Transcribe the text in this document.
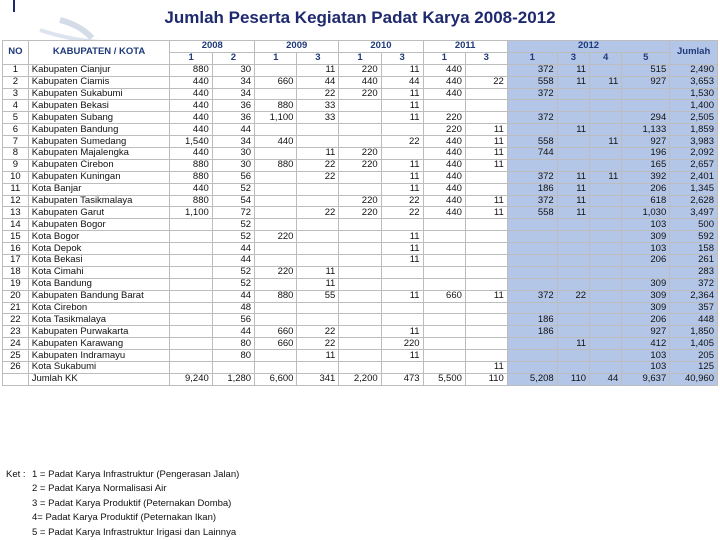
Jumlah Peserta Kegiatan Padat Karya 2008-2012
NO	KABUPATEN / KOTA	2008		2009		2010		2011		2012				Jumlah
		1	2	1	3	1	3	1	3	1	3	4	5	
1	Kabupaten Cianjur	880	30		11	220	11	440		372	11		515	2,490
2	Kabupaten Ciamis	440	34	660	44	440	44	440	22	558	11	11	927	3,653
3	Kabupaten Sukabumi	440	34		22	220	11	440		372				1,530
4	Kabupaten Bekasi	440	36	880	33		11							1,400
5	Kabupaten Subang	440	36	1,100	33		11	220		372			294	2,505
6	Kabupaten Bandung	440	44					220	11		11		1,133	1,859
7	Kabupaten Sumedang	1,540	34	440			22	440	11	558		11	927	3,983
8	Kabupaten Majalengka	440	30		11	220		440	11	744			196	2,092
9	Kabupaten Cirebon	880	30	880	22	220	11	440	11				165	2,657
10	Kabupaten Kuningan	880	56		22		11	440		372	11	11	392	2,401
11	Kota Banjar	440	52				11	440		186	11		206	1,345
12	Kabupaten Tasikmalaya	880	54			220	22	440	11	372	11		618	2,628
13	Kabupaten Garut	1,100	72		22	220	22	440	11	558	11		1,030	3,497
14	Kabupaten Bogor		52										103	500
15	Kota Bogor		52	220			11						309	592
16	Kota Depok		44				11						103	158
17	Kota Bekasi		44				11						206	261
18	Kota Cimahi		52	220	11									283
19	Kota Bandung		52		11								309	372
20	Kabupaten Bandung Barat		44	880	55		11	660	11	372	22		309	2,364
21	Kota Cirebon		48										309	357
22	Kota Tasikmalaya		56							186			206	448
23	Kabupaten Purwakarta		44	660	22		11			186			927	1,850
24	Kabupaten Karawang		80	660	22		220				11		412	1,405
25	Kabupaten Indramayu		80		11		11						103	205
26	Kota Sukabumi								11				103	125
	Jumlah KK	9,240	1,280	6,600	341	2,200	473	5,500	110	5,208	110	44	9,637	40,960
Ket : 1 = Padat Karya Infrastruktur (Pengerasan Jalan)
2 = Padat Karya Normalisasi Air
3 = Padat Karya Produktif (Peternakan Domba)
4= Padat Karya Produktif (Peternakan Ikan)
5 = Padat Karya Infrastruktur Irigasi dan Lainnya
